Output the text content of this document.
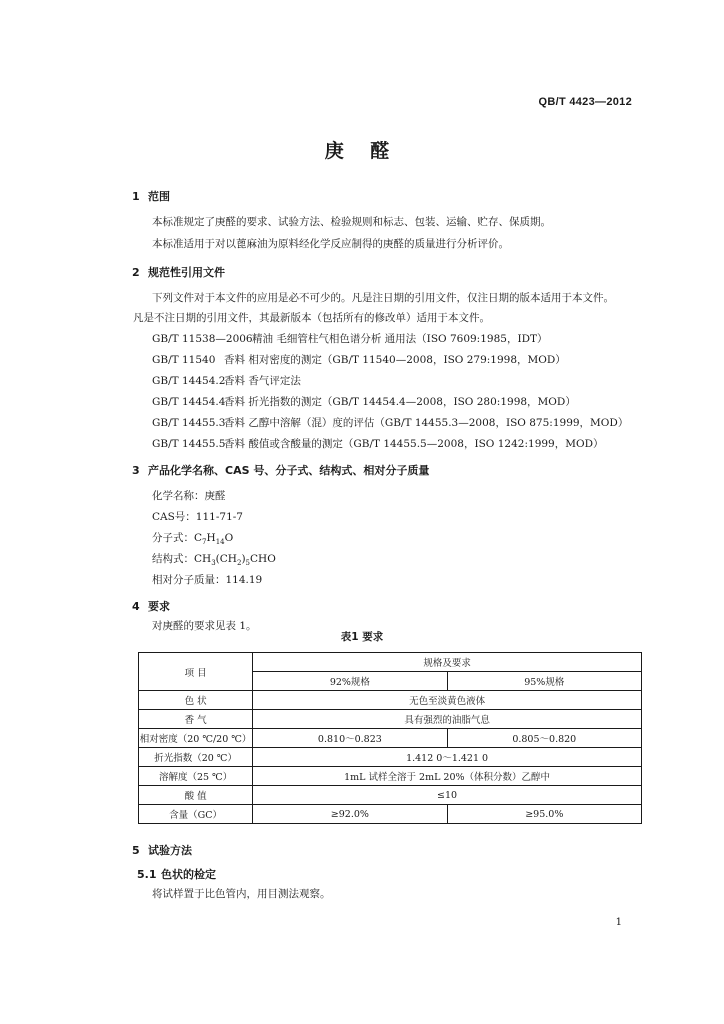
QB/T 4423—2012
庚 醛
1 范围
本标准规定了庚醛的要求、试验方法、检验规则和标志、包装、运输、贮存、保质期。
本标准适用于对以蓖麻油为原料经化学反应制得的庚醛的质量进行分析评价。
2 规范性引用文件
下列文件对于本文件的应用是必不可少的。凡是注日期的引用文件，仅注日期的版本适用于本文件。
凡是不注日期的引用文件，其最新版本（包括所有的修改单）适用于本文件。
GB/T 11538—2006精油 毛细管柱气相色谱分析 通用法（ISO 7609:1985，IDT）
GB/T 11540 香料 相对密度的测定（GB/T 11540—2008，ISO 279:1998，MOD）
GB/T 14454.2香料 香气评定法
GB/T 14454.4香料 折光指数的测定（GB/T 14454.4—2008，ISO 280:1998，MOD）
GB/T 14455.3香料 乙醇中溶解（混）度的评估（GB/T 14455.3—2008，ISO 875:1999，MOD）
GB/T 14455.5香料 酸值或含酸量的测定（GB/T 14455.5—2008，ISO 1242:1999，MOD）
3 产品化学名称、CAS 号、分子式、结构式、相对分子质量
化学名称：庚醛
CAS号：111-71-7
分子式：$C_7H_{14}O$
结构式：$CH_3(CH_2)_5CHO$
相对分子质量：114.19
4 要求
对庚醛的要求见表 1。
表1 要求
项 目	规格及要求	
	92%规格	95%规格
色 状	无色至淡黄色液体	
香 气	具有强烈的油脂气息	
相对密度（20 ℃/20 ℃）	0.810～0.823	0.805～0.820
折光指数（20 ℃）	1.412 0～1.421 0	
溶解度（25 ℃）	1mL 试样全溶于 2mL 20%（体积分数）乙醇中	
酸 值	≤10	
含量（GC）	≥92.0%	≥95.0%
5 试验方法
5.1 色状的检定
将试样置于比色管内，用目测法观察。
1
